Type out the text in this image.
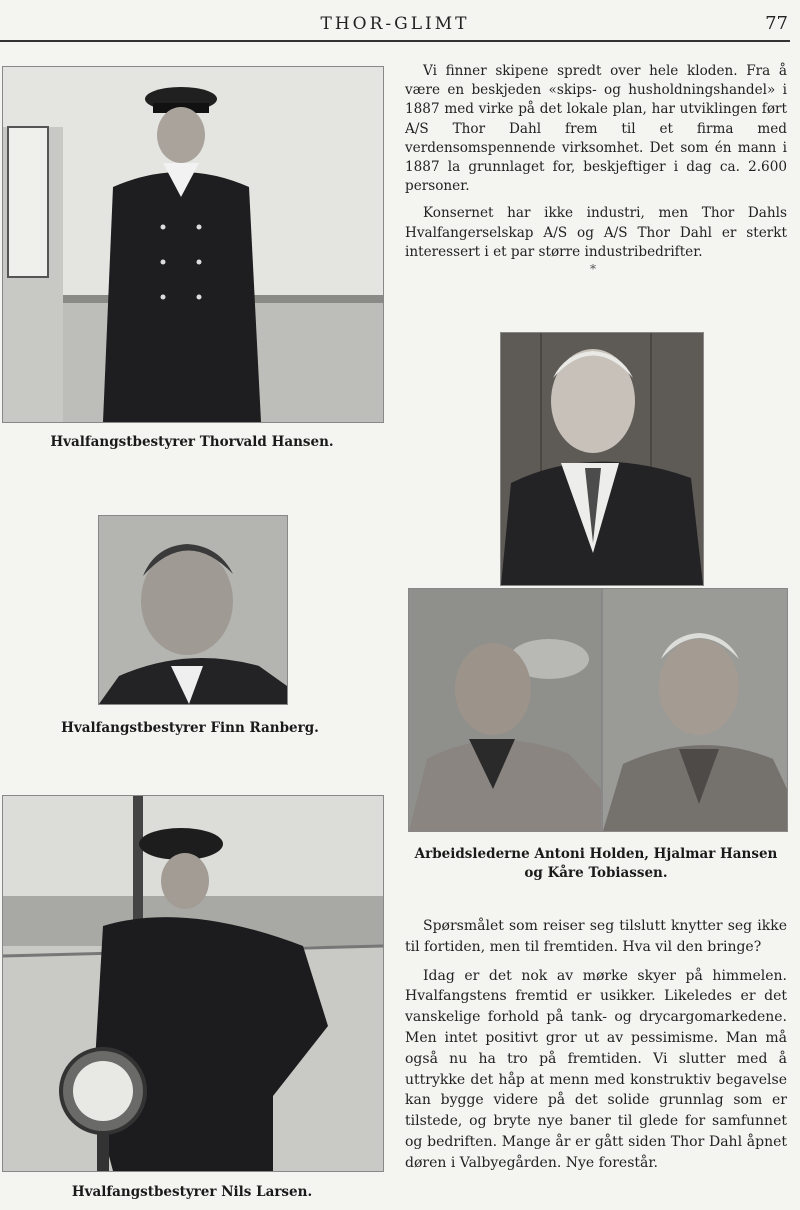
THOR-GLIMT	77
Hvalfangstbestyrer Thorvald Hansen.
Hvalfangstbestyrer Finn Ranberg.
Hvalfangstbestyrer Nils Larsen.

Vi finner skipene spredt over hele kloden. Fra å være en beskjeden «skips- og husholdningshandel» i 1887 med virke på det lokale plan, har utviklingen ført A/S Thor Dahl frem til et firma med verdensomspennende virksomhet. Det som én mann i 1887 la grunnlaget for, beskjeftiger i dag ca. 2.600 personer.

Konsernet har ikke industri, men Thor Dahls Hvalfangerselskap A/S og A/S Thor Dahl er sterkt interessert i et par større industribedrifter.

*
Arbeidslederne Antoni Holden, Hjalmar Hansen
og Kåre Tobiassen.

Spørsmålet som reiser seg tilslutt knytter seg ikke til fortiden, men til fremtiden. Hva vil den bringe?

Idag er det nok av mørke skyer på himmelen. Hvalfangstens fremtid er usikker. Likeledes er det vanskelige forhold på tank- og drycargomarkedene. Men intet positivt gror ut av pessimisme. Man må også nu ha tro på fremtiden. Vi slutter med å uttrykke det håp at menn med konstruktiv begavelse kan bygge videre på det solide grunnlag som er tilstede, og bryte nye baner til glede for samfunnet og bedriften. Mange år er gått siden Thor Dahl åpnet døren i Valbyegården. Nye forestår.
